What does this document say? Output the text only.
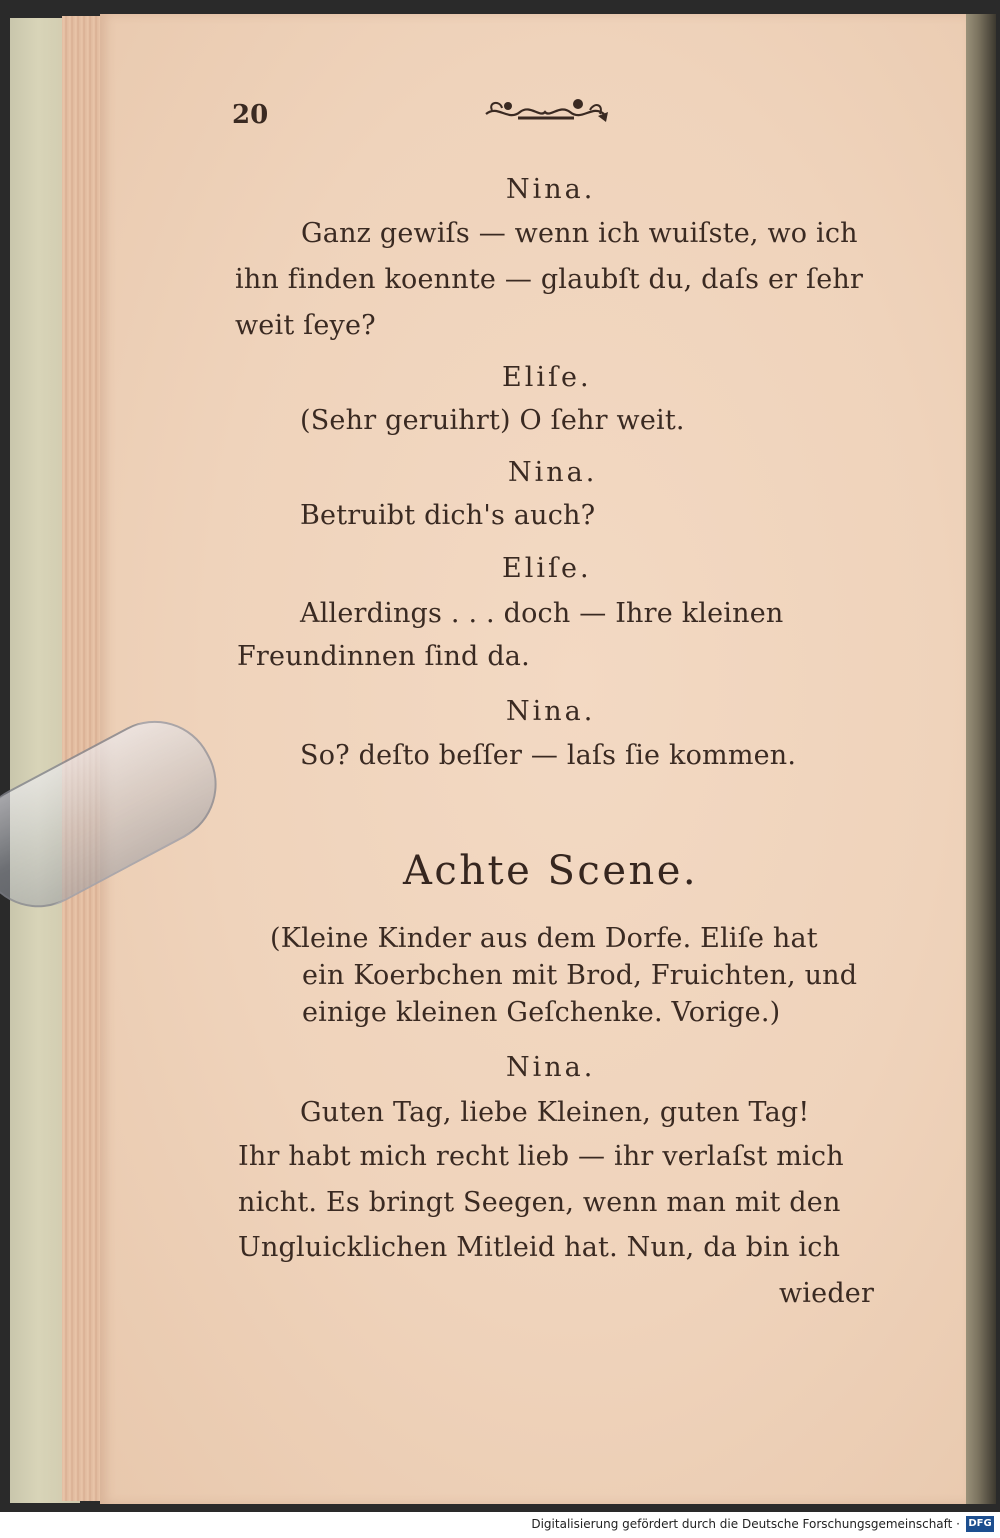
20

Nina.

Ganz gewiſs — wenn ich wuiſste, wo ich

ihn finden koennte — glaubſt du, daſs er ſehr

weit ſeye?

Eliſe.

(Sehr geruihrt) O ſehr weit.

Nina.

Betruibt dich's auch?

Eliſe.

Allerdings . . . doch — Ihre kleinen

Freundinnen ſind da.

Nina.

So? deſto beſſer — laſs ſie kommen.

Achte Scene.

(Kleine Kinder aus dem Dorfe. Eliſe hat

ein Koerbchen mit Brod, Fruichten, und

einige kleinen Geſchenke. Vorige.)

Nina.

Guten Tag, liebe Kleinen, guten Tag!

Ihr habt mich recht lieb — ihr verlaſst mich

nicht. Es bringt Seegen, wenn man mit den

Ungluicklichen Mitleid hat. Nun, da bin ich

wieder

Digitalisierung gefördert durch die Deutsche Forschungsgemeinschaft · DFG
